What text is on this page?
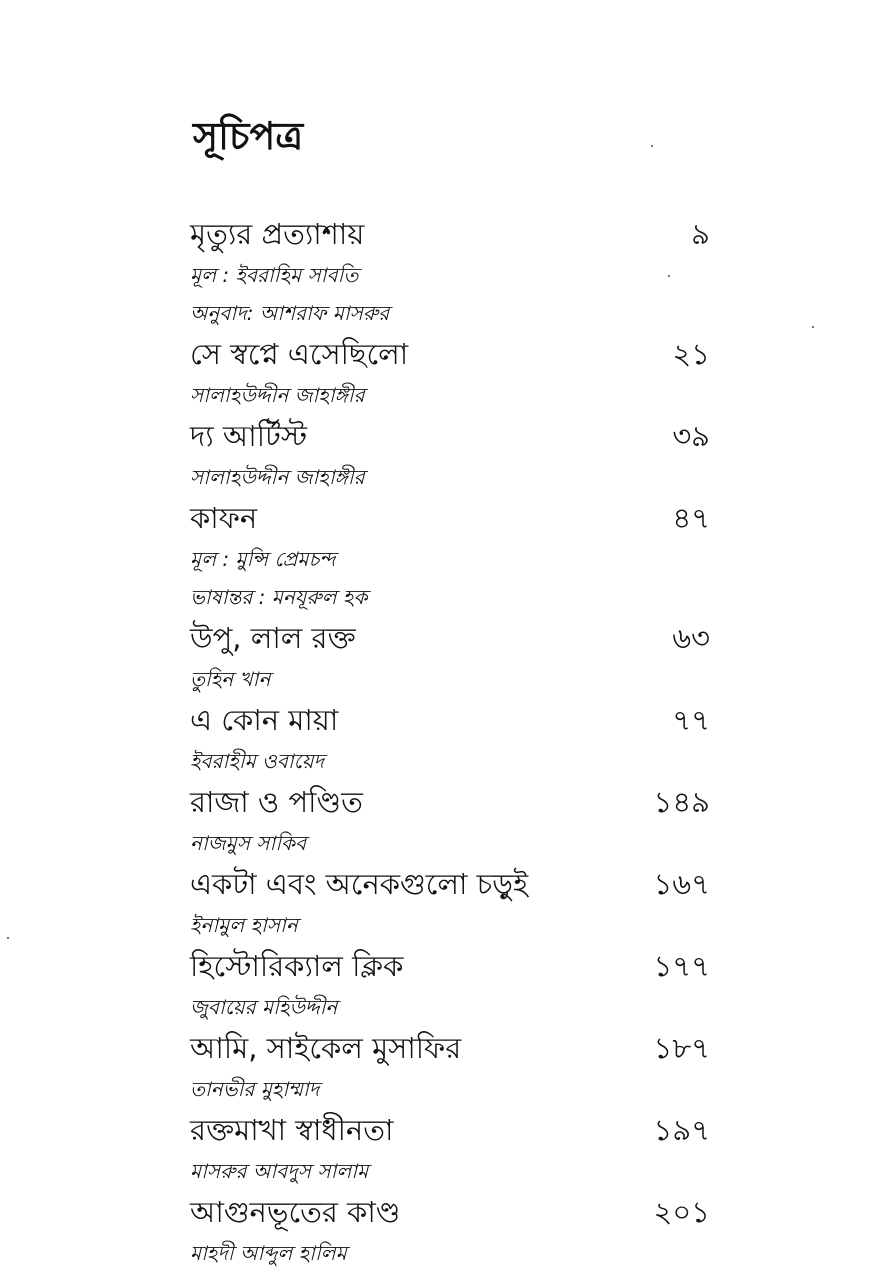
সূচিপত্র
মৃত্যুর প্রত্যাশায়	৯
মূল : ইবরাহিম সাবতি
অনুবাদ: আশরাফ মাসরুর
সে স্বপ্নে এসেছিলো	২১
সালাহউদ্দীন জাহাঙ্গীর
দ্য আর্টিস্ট	৩৯
সালাহউদ্দীন জাহাঙ্গীর
কাফন	৪৭
মূল : মুন্সি প্রেমচন্দ
ভাষান্তর : মনযূরুল হক
উপু, লাল রক্ত	৬৩
তুহিন খান
এ কোন মায়া	৭৭
ইবরাহীম ওবায়েদ
রাজা ও পণ্ডিত	১৪৯
নাজমুস সাকিব
একটা এবং অনেকগুলো চড়ুই	১৬৭
ইনামুল হাসান
হিস্টোরিক্যাল ক্লিক	১৭৭
জুবায়ের মহিউদ্দীন
আমি, সাইকেল মুসাফির	১৮৭
তানভীর মুহাম্মাদ
রক্তমাখা স্বাধীনতা	১৯৭
মাসরুর আবদুস সালাম
আগুনভূতের কাণ্ড	২০১
মাহদী আব্দুল হালিম
